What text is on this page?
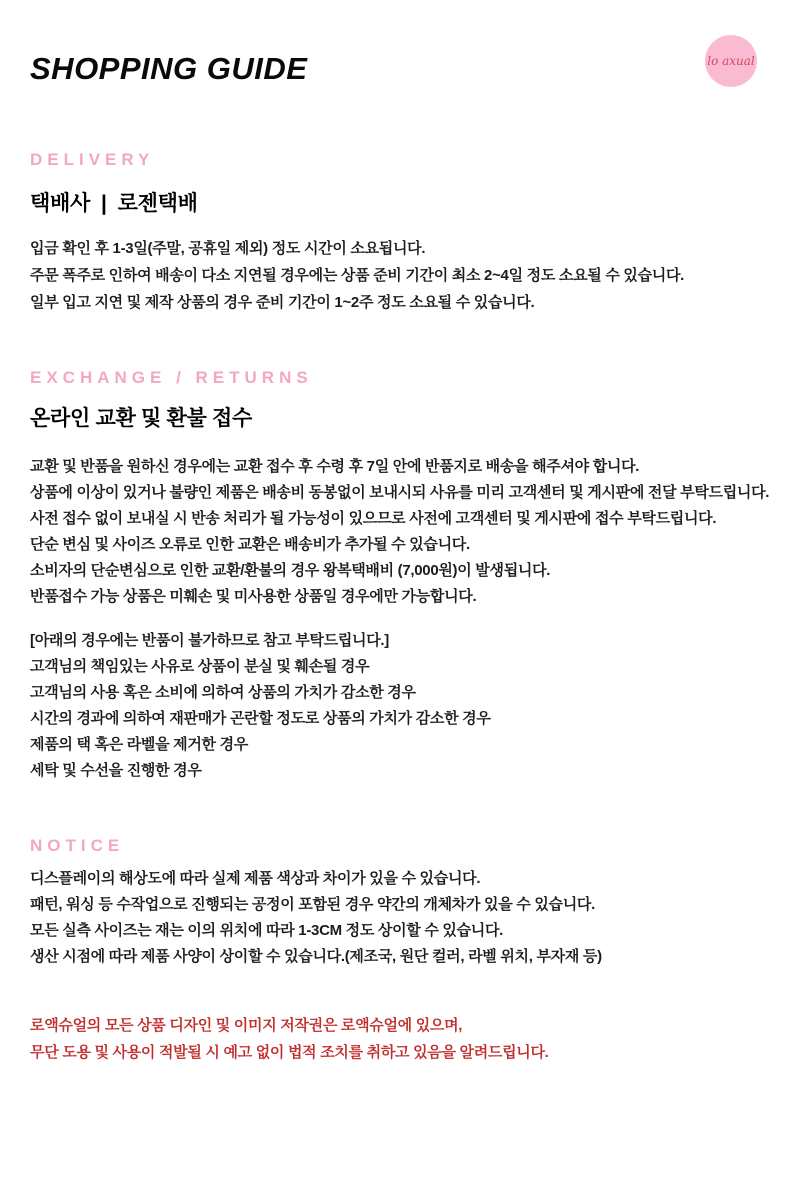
lo axual
SHOPPING GUIDE
DELIVERY
택배사  |  로젠택배

입금 확인 후 1-3일(주말, 공휴일 제외) 정도 시간이 소요됩니다.

주문 폭주로 인하여 배송이 다소 지연될 경우에는 상품 준비 기간이 최소 2~4일 정도 소요될 수 있습니다.

일부 입고 지연 및 제작 상품의 경우 준비 기간이 1~2주 정도 소요될 수 있습니다.

EXCHANGE / RETURNS
온라인 교환 및 환불 접수

교환 및 반품을 원하신 경우에는 교환 접수 후 수령 후 7일 안에 반품지로 배송을 해주셔야 합니다.

상품에 이상이 있거나 불량인 제품은 배송비 동봉없이 보내시되 사유를 미리 고객센터 및 게시판에 전달 부탁드립니다.

사전 접수 없이 보내실 시 반송 처리가 될 가능성이 있으므로 사전에 고객센터 및 게시판에 접수 부탁드립니다.

단순 변심 및 사이즈 오류로 인한 교환은 배송비가 추가될 수 있습니다.

소비자의 단순변심으로 인한 교환/환불의 경우 왕복택배비 (7,000원)이 발생됩니다.

반품접수 가능 상품은 미훼손 및 미사용한 상품일 경우에만 가능합니다.

[아래의 경우에는 반품이 불가하므로 참고 부탁드립니다.]

고객님의 책임있는 사유로 상품이 분실 및 훼손될 경우

고객님의 사용 혹은 소비에 의하여 상품의 가치가 감소한 경우

시간의 경과에 의하여 재판매가 곤란할 정도로 상품의 가치가 감소한 경우

제품의 택 혹은 라벨을 제거한 경우

세탁 및 수선을 진행한 경우

NOTICE

디스플레이의 해상도에 따라 실제 제품 색상과 차이가 있을 수 있습니다.

패턴, 워싱 등 수작업으로 진행되는 공정이 포함된 경우 약간의 개체차가 있을 수 있습니다.

모든 실측 사이즈는 재는 이의 위치에 따라 1-3CM 정도 상이할 수 있습니다.

생산 시점에 따라 제품 사양이 상이할 수 있습니다.(제조국, 원단 컬러, 라벨 위치, 부자재 등)

로액슈얼의 모든 상품 디자인 및 이미지 저작권은 로액슈얼에 있으며,

무단 도용 및 사용이 적발될 시 예고 없이 법적 조치를 취하고 있음을 알려드립니다.
